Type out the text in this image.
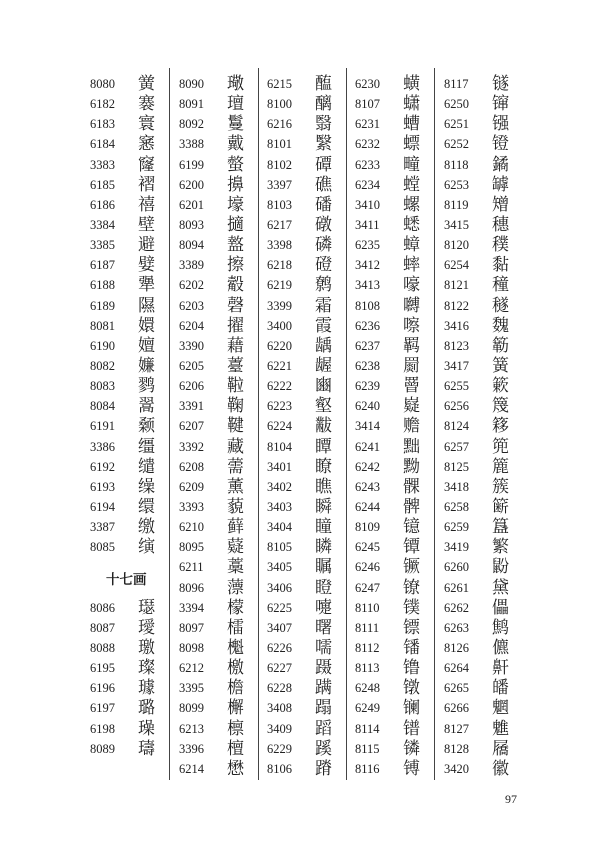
8080 黉
6182 褰
6183 寰
6184 窸
3383 窿
6185 褶
6186 禧
3384 壁
3385 避
6187 嬖
6188 犟
6189 隰
8081 嬛
6190 嬗
8082 嬚
8083 鹨
8084 翯
6191 颡
3386 缰
6192 缱
6193 缲
6194 缳
3387 缴
8085 𬙂
十七画
8086 璱
8087 璦
8088 璬
6195 璨
6196 璩
6197 璐
6198 璪
8089 璹
8090 璥
8091 璮
8092 鬘
3388 戴
6199 螫
6200 擤
6201 壕
8093 擿
8094 盩
3389 擦
6202 觳
6203 磬
6204 擢
3390 藉
6205 薹
6206 鞡
3391 鞠
6207 鞬
3392 藏
6208 薷
6209 薰
3393 藐
6210 藓
8095 薿
6211 藁
8096 薸
3394 檬
8097 檑
8098 櫆
6212 檄
3395 檐
8099 檞
6213 檩
3396 檀
6214 懋
6215 醢
8100 醨
6216 翳
8101 繄
8102 磹
3397 礁
8103 磻
6217 礅
3398 磷
6218 磴
6219 鹩
3399 霜
3400 霞
6220 龋
6221 龌
6222 豳
6223 壑
6224 黻
8104 瞫
3401 瞭
3402 瞧
3403 瞬
3404 瞳
8105 瞵
3405 瞩
3406 瞪
6225 嚏
3407 曙
6226 嚅
6227 蹑
6228 蹒
3408 蹋
3409 蹈
6229 蹊
8106 蹐
6230 蟥
8107 蟏
6231 螬
6232 螵
6233 疃
6234 螳
3410 螺
3411 蟋
6235 蟑
3412 蟀
3413 嚎
8108 嚩
6236 嚓
6237 羁
6238 罽
6239 罾
6240 嶷
3414 赡
6241 黜
6242 黝
6243 髁
6244 髀
8109 镱
6245 镡
6246 镢
6247 镣
8110 镤
8111 镖
8112 𫔍
8113 镥
6248 镦
6249 镧
8114 镨
8115 𬭸
8116 镈
8117 𬭼
6250 镩
6251 镪
6252 镫
8118 鐍
6253 罅
8119 矰
3415 穗
8120 穙
6254 黏
8121 穜
8122 穟
3416 魏
8123 簕
3417 簧
6255 簌
6256 篾
8124 簃
6257 篼
8125 簏
3418 簇
6258 簖
6259 簋
3419 繁
6260 鼢
6261 黛
6262 儡
6263 鹪
8126 儦
6264 鼾
6265 皤
6266 魍
8127 魋
8128 屩
3420 徽
97
